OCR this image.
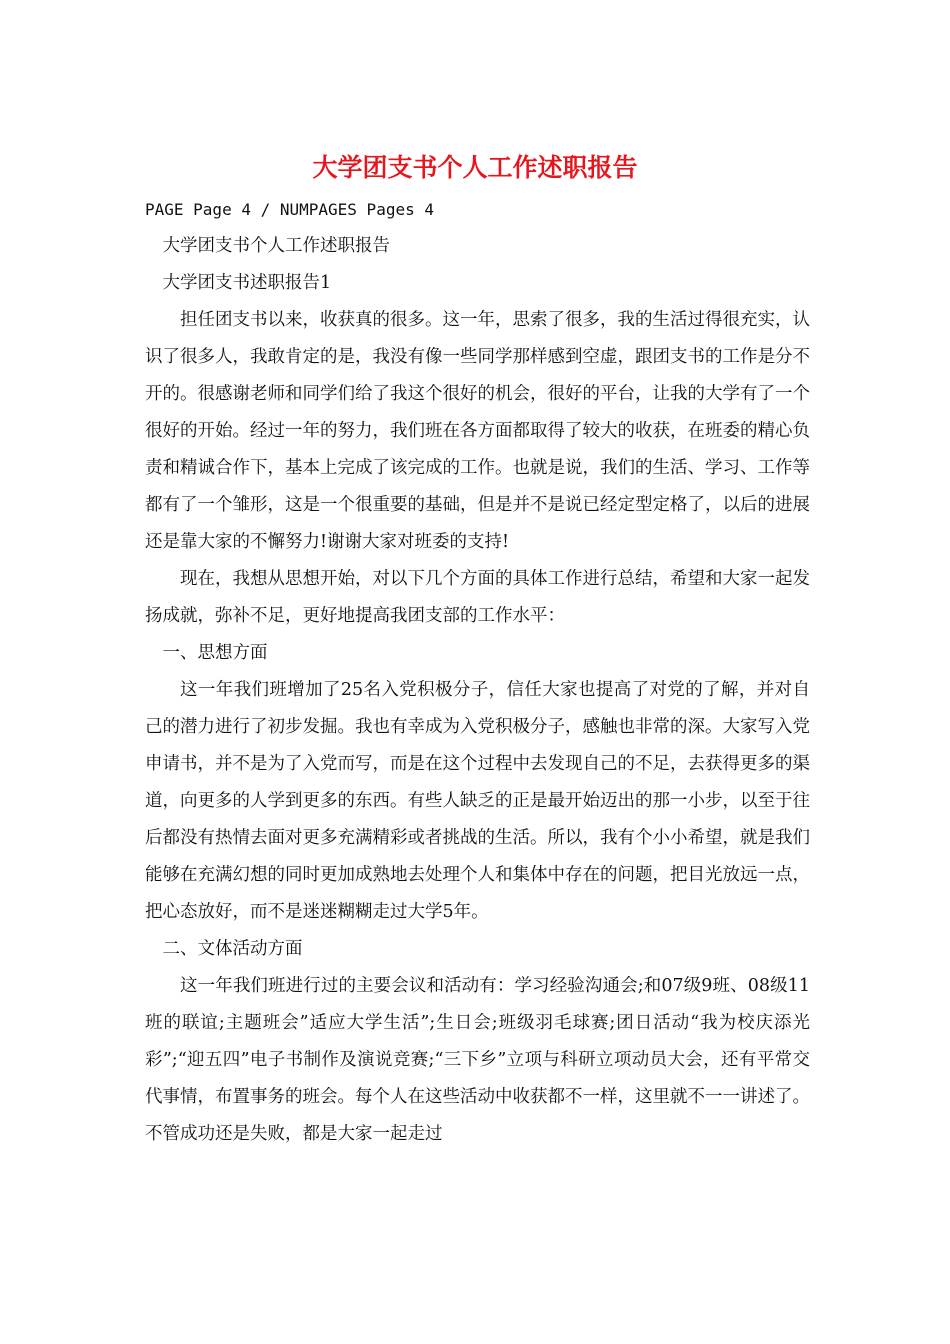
大学团支书个人工作述职报告
PAGE Page 4 / NUMPAGES Pages 4

大学团支书个人工作述职报告

大学团支书述职报告1

担任团支书以来，收获真的很多。这一年，思索了很多，我的生活过得很充实，认识了很多人，我敢肯定的是，我没有像一些同学那样感到空虚，跟团支书的工作是分不开的。很感谢老师和同学们给了我这个很好的机会，很好的平台，让我的大学有了一个很好的开始。经过一年的努力，我们班在各方面都取得了较大的收获，在班委的精心负责和精诚合作下，基本上完成了该完成的工作。也就是说，我们的生活、学习、工作等都有了一个雏形，这是一个很重要的基础，但是并不是说已经定型定格了，以后的进展还是靠大家的不懈努力!谢谢大家对班委的支持!

现在，我想从思想开始，对以下几个方面的具体工作进行总结，希望和大家一起发扬成就，弥补不足，更好地提高我团支部的工作水平：

一、思想方面

这一年我们班增加了25名入党积极分子，信任大家也提高了对党的了解，并对自己的潜力进行了初步发掘。我也有幸成为入党积极分子，感触也非常的深。大家写入党申请书，并不是为了入党而写，而是在这个过程中去发现自己的不足，去获得更多的渠道，向更多的人学到更多的东西。有些人缺乏的正是最开始迈出的那一小步，以至于往后都没有热情去面对更多充满精彩或者挑战的生活。所以，我有个小小希望，就是我们能够在充满幻想的同时更加成熟地去处理个人和集体中存在的问题，把目光放远一点，把心态放好，而不是迷迷糊糊走过大学5年。

二、文体活动方面

这一年我们班进行过的主要会议和活动有：学习经验沟通会;和07级9班、08级11班的联谊;主题班会”适应大学生活”;生日会;班级羽毛球赛;团日活动“我为校庆添光彩”;“迎五四”电子书制作及演说竞赛;“三下乡”立项与科研立项动员大会，还有平常交代事情，布置事务的班会。每个人在这些活动中收获都不一样，这里就不一一讲述了。不管成功还是失败，都是大家一起走过
